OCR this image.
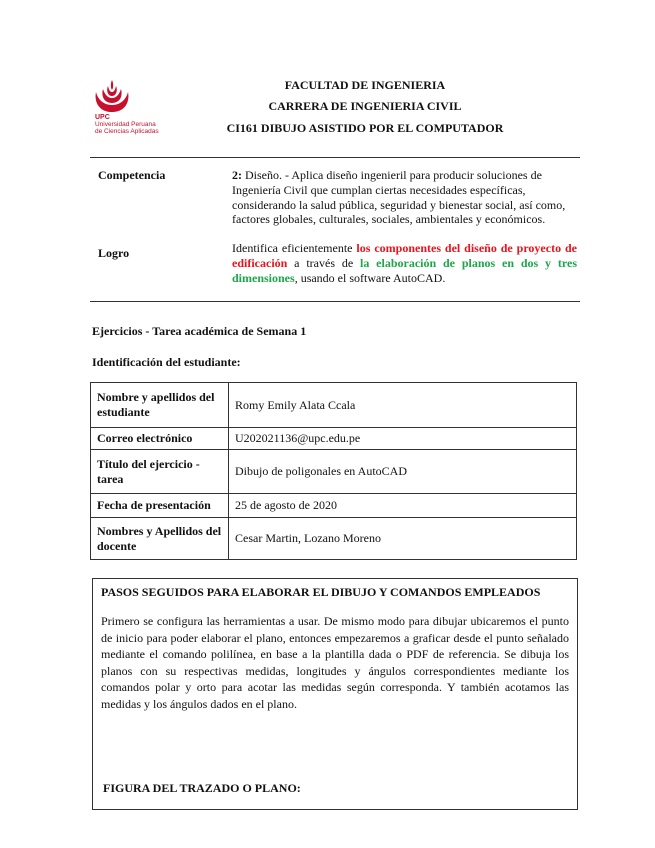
UPC
Universidad Peruana
de Ciencias Aplicadas
FACULTAD DE INGENIERIA
CARRERA DE INGENIERIA CIVIL
CI161 DIBUJO ASISTIDO POR EL COMPUTADOR
Competencia	2: Diseño. - Aplica diseño ingenieril para producir soluciones de Ingeniería Civil que cumplan ciertas necesidades específicas, considerando la salud pública, seguridad y bienestar social, así como, factores globales, culturales, sociales, ambientales y económicos.
Logro	Identifica eficientemente los componentes del diseño de proyecto de edificación a través de la elaboración de planos en dos y tres dimensiones, usando el software AutoCAD.
Ejercicios - Tarea académica de Semana 1
Identificación del estudiante:
Nombre y apellidos del estudiante	Romy Emily Alata Ccala
Correo electrónico	U202021136@upc.edu.pe
Título del ejercicio - tarea	Dibujo de poligonales en AutoCAD
Fecha de presentación	25 de agosto de 2020
Nombres y Apellidos del docente	Cesar Martin, Lozano Moreno
PASOS SEGUIDOS PARA ELABORAR EL DIBUJO Y COMANDOS EMPLEADOS
Primero se configura las herramientas a usar. De mismo modo para dibujar ubicaremos el punto de inicio para poder elaborar el plano, entonces empezaremos a graficar desde el punto señalado mediante el comando polilínea, en base a la plantilla dada o PDF de referencia. Se dibuja los planos con su respectivas medidas, longitudes y ángulos correspondientes mediante los comandos polar y orto para acotar las medidas según corresponda. Y también acotamos las medidas y los ángulos dados en el plano.
FIGURA DEL TRAZADO O PLANO:
